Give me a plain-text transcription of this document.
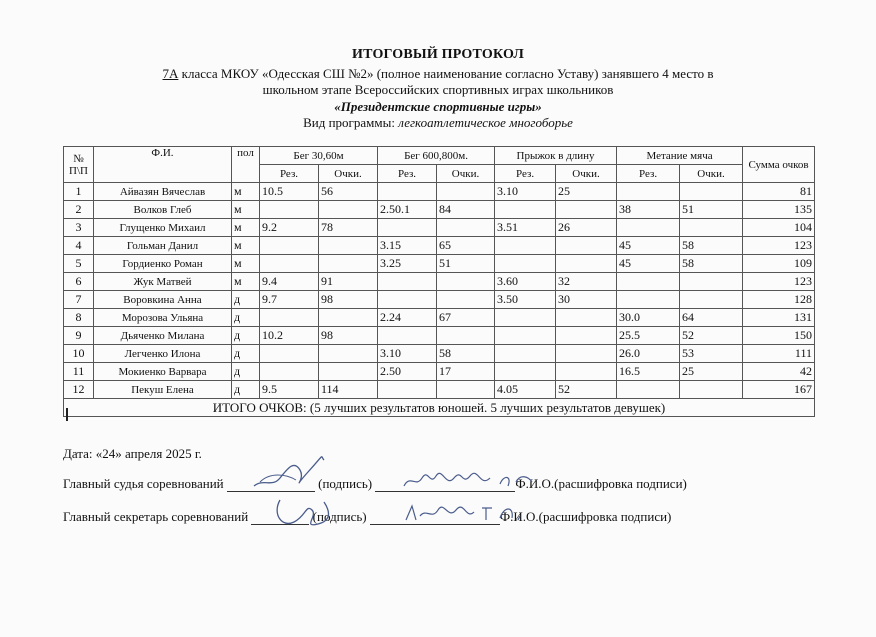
ИТОГОВЫЙ ПРОТОКОЛ
7А класса МКОУ «Одесская СШ №2» (полное наименование согласно Уставу) занявшего 4 место в
школьном этапе Всероссийских спортивных играх школьников
«Президентские спортивные игры»
Вид программы: легкоатлетическое многоборье
№ П\П	Ф.И.	пол	Бег 30,60м		Бег 600,800м.		Прыжок в длину		Метание мяча		Сумма очков
			Рез.	Очки.	Рез.	Очки.	Рез.	Очки.	Рез.	Очки.	
1	Айвазян Вячеслав	м	10.5	56			3.10	25			81
2	Волков Глеб	м			2.50.1	84			38	51	135
3	Глущенко Михаил	м	9.2	78			3.51	26			104
4	Гольман Данил	м			3.15	65			45	58	123
5	Гордиенко Роман	м			3.25	51			45	58	109
6	Жук Матвей	м	9.4	91			3.60	32			123
7	Воровкина Анна	д	9.7	98			3.50	30			128
8	Морозова Ульяна	д			2.24	67			30.0	64	131
9	Дьяченко Милана	д	10.2	98					25.5	52	150
10	Легченко Илона	д			3.10	58			26.0	53	111
11	Мокиенко Варвара	д			2.50	17			16.5	25	42
12	Пекуш Елена	д	9.5	114			4.05	52			167
ИТОГО ОЧКОВ: (5 лучших результатов юношей. 5 лучших результатов девушек)											
Дата: «24» апреля 2025 г.
Главный судья соревнований	(подпись)	Ф.И.О.(расшифровка подписи)
Главный секретарь соревнований	(подпись)	Ф.И.О.(расшифровка подписи)
